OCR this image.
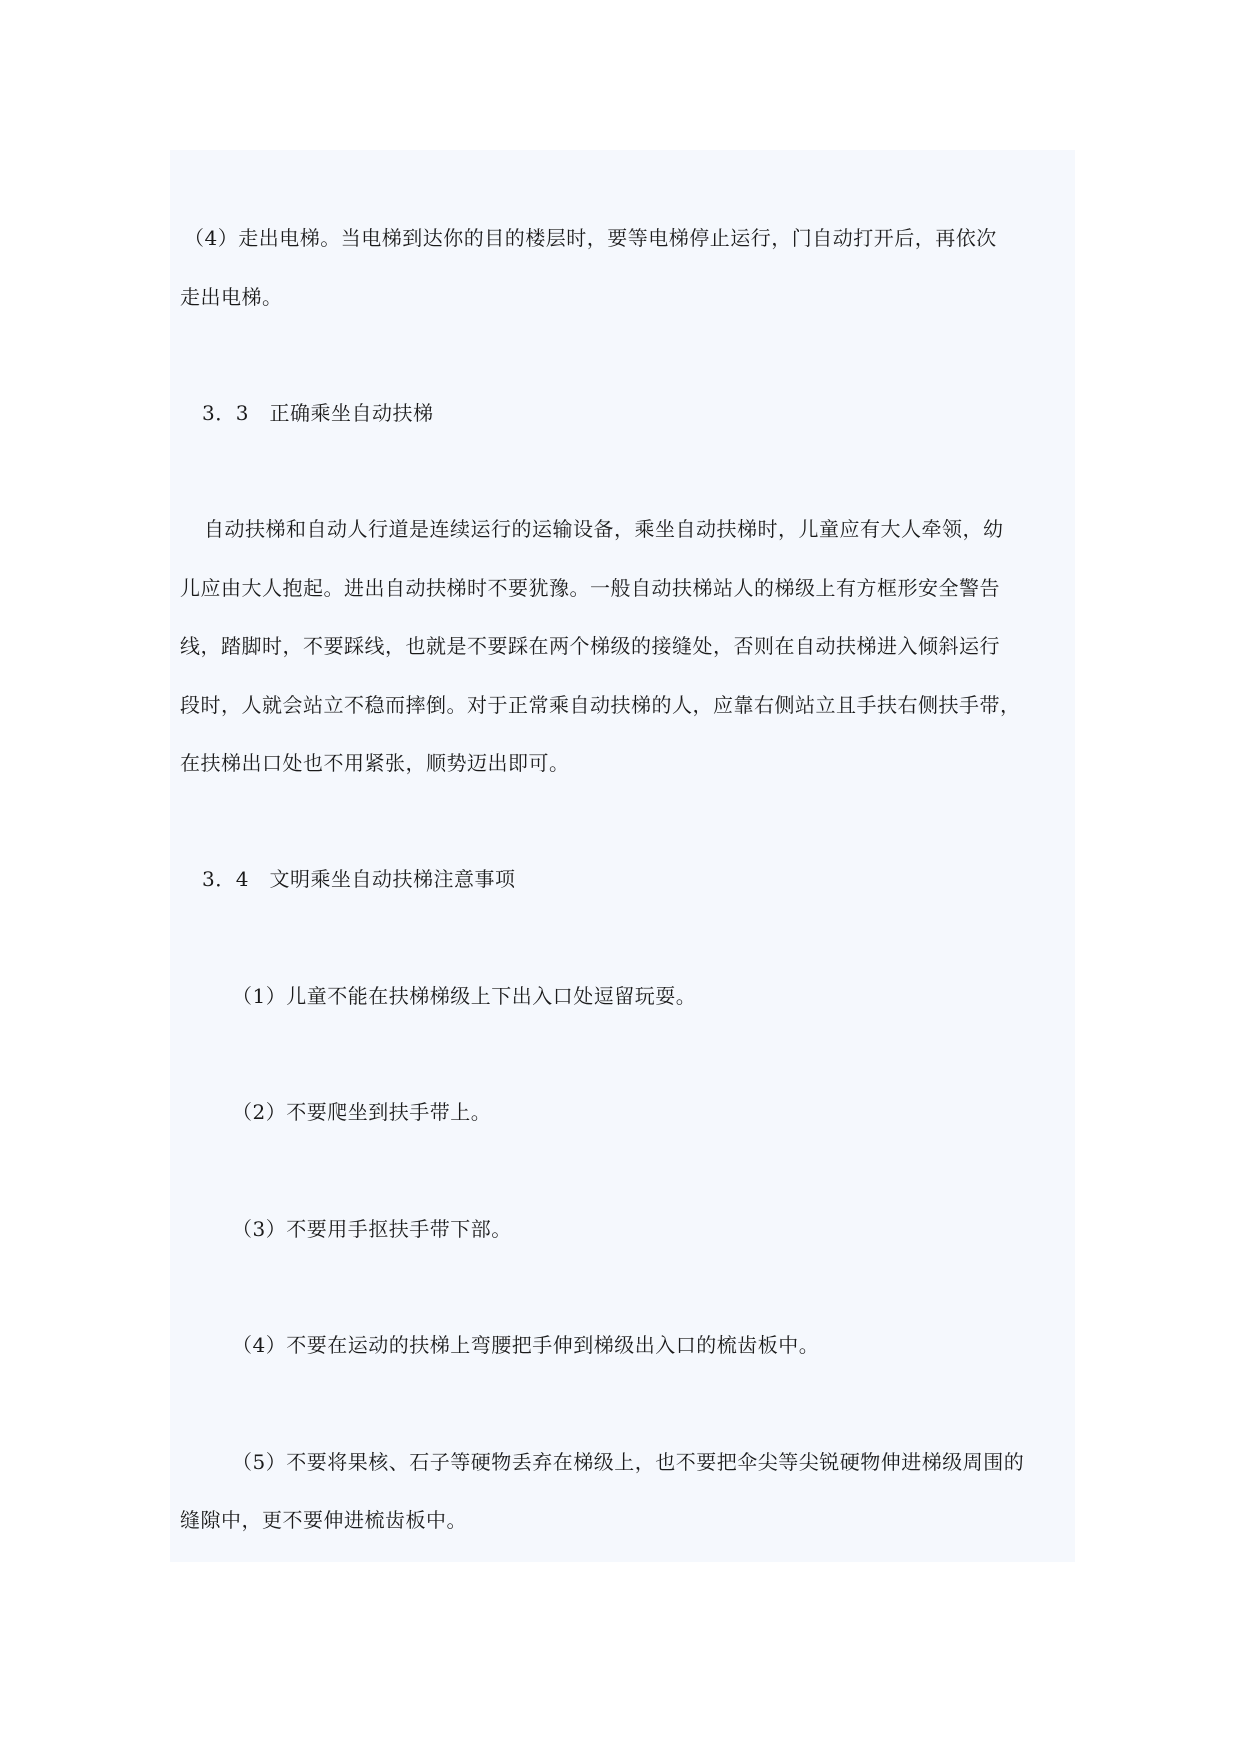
（4）走出电梯。当电梯到达你的目的楼层时，要等电梯停止运行，门自动打开后，再依次
走出电梯。
3．3　正确乘坐自动扶梯
自动扶梯和自动人行道是连续运行的运输设备，乘坐自动扶梯时，儿童应有大人牵领，幼
儿应由大人抱起。进出自动扶梯时不要犹豫。一般自动扶梯站人的梯级上有方框形安全警告
线，踏脚时，不要踩线，也就是不要踩在两个梯级的接缝处，否则在自动扶梯进入倾斜运行
段时，人就会站立不稳而摔倒。对于正常乘自动扶梯的人，应靠右侧站立且手扶右侧扶手带，
在扶梯出口处也不用紧张，顺势迈出即可。
3．4　文明乘坐自动扶梯注意事项
（1）儿童不能在扶梯梯级上下出入口处逗留玩耍。
（2）不要爬坐到扶手带上。
（3）不要用手抠扶手带下部。
（4）不要在运动的扶梯上弯腰把手伸到梯级出入口的梳齿板中。
（5）不要将果核、石子等硬物丢弃在梯级上，也不要把伞尖等尖锐硬物伸进梯级周围的
缝隙中，更不要伸进梳齿板中。
